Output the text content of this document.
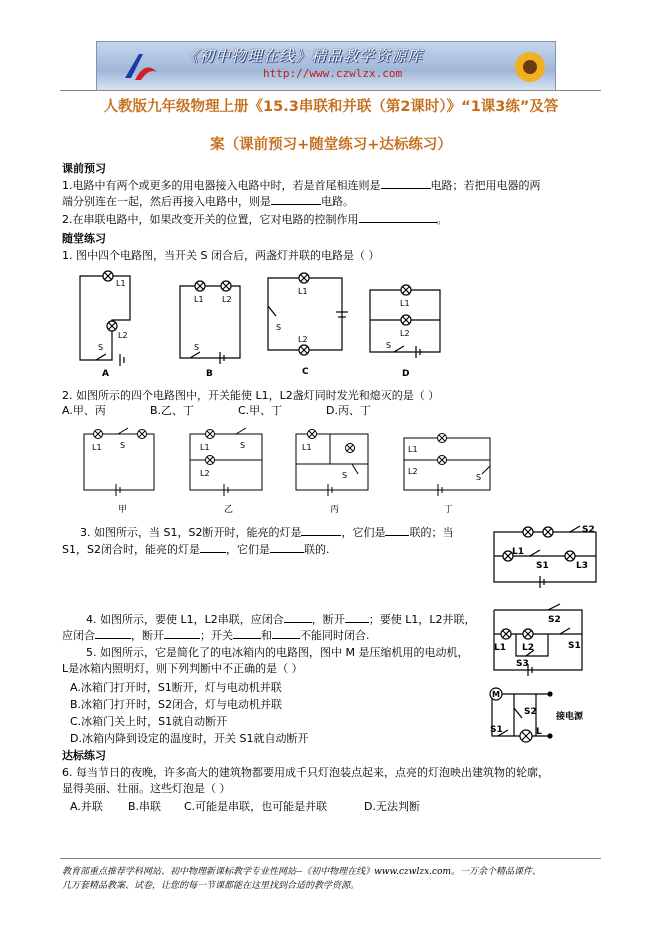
《初中物理在线》精品教学资源库
http://www.czwlzx.com
人教版九年级物理上册《15.3串联和并联（第2课时）》“1课3练”及答
案（课前预习+随堂练习+达标练习）
课前预习
1.电路中有两个或更多的用电器接入电路中时，若是首尾相连则是	电路；若把用电器的两
端分别连在一起，然后再接入电路中，则是	电路。
2.在串联电路中，如果改变开关的位置，它对电路的控制作用	。
随堂练习
1. 图中四个电路图，当开关 S 闭合后，两盏灯并联的电路是（ ）
L1
L2
S
L1 L2
S
L1
S
L2
L1
L2
S
A	B	C	D
2. 如图所示的四个电路图中，开关能使 L1，L2盏灯同时发光和熄灭的是（ ）
A.甲、丙	B.乙、丁	C.甲、丁	D.丙、丁
L1 S	L1	S
L2
L1
S
L1
L2
S
甲	乙	丙	丁
3. 如图所示，当 S1，S2断开时，能亮的灯是	，它们是 联的；当
S1，S2闭合时，能亮的灯是 ，它们是	联的.
S2
L1
S1	L3
4. 如图所示，要使 L1，L2串联，应闭合	，断开 ；要使 L1，L2并联，
应闭合	，断开	；开关	和	不能同时闭合.
S2
L1 L2	S1
S3
5. 如图所示，它是简化了的电冰箱内的电路图，图中 M 是压缩机用的电动机，
L是冰箱内照明灯，则下列判断中不正确的是（ ）
A.冰箱门打开时，S1断开，灯与电动机并联
B.冰箱门打开时，S2闭合，灯与电动机并联
C.冰箱门关上时，S1就自动断开
D.冰箱内降到设定的温度时，开关 S1就自动断开
M
S2
S1	L
接电源
达标练习
6. 每当节日的夜晚，许多高大的建筑物都要用成千只灯泡装点起来，点亮的灯泡映出建筑物的轮廓，
显得美丽、壮丽。这些灯泡是（ ）
A.并联 B.串联 C.可能是串联，也可能是并联	D.无法判断
教育部重点推荐学科网站、初中物理新课标教学专业性网站--《初中物理在线》www.czwlzx.com。一万余个精品课件、
几万套精品教案、试卷，让您的每一节课都能在这里找到合适的教学资源。
